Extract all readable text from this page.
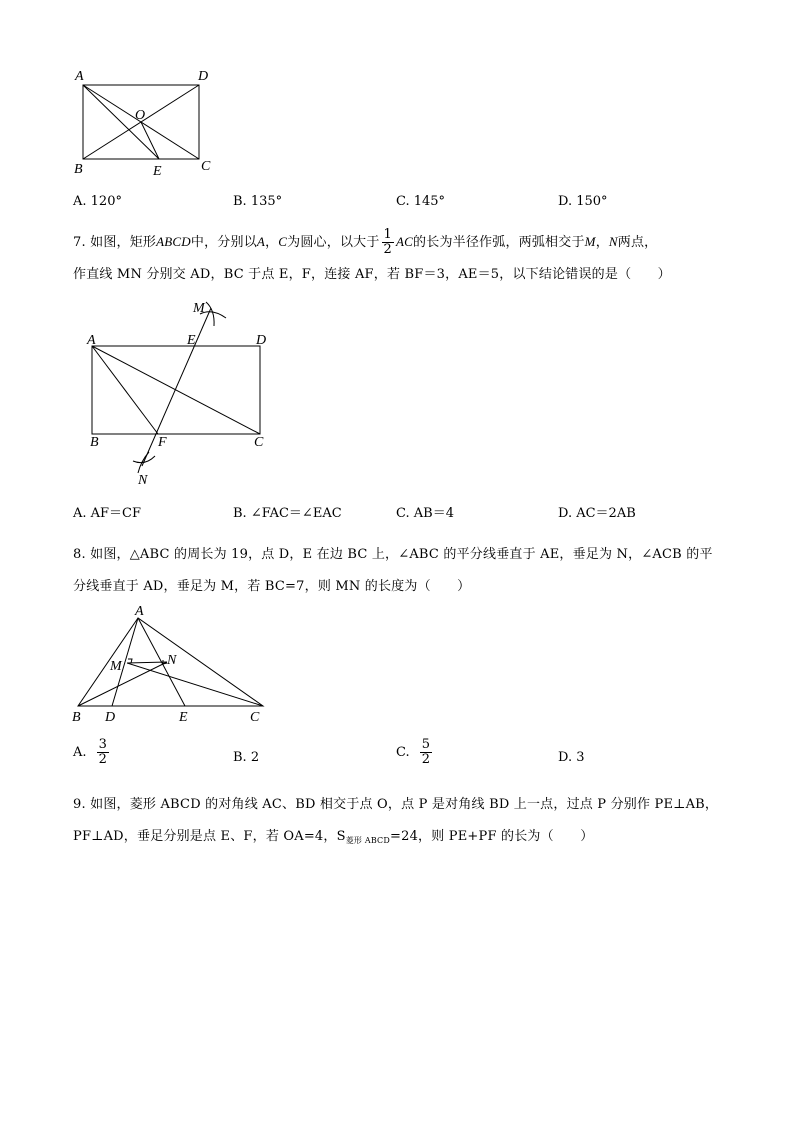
A	D
O
B	E	C
A. 120°	B. 135°	C. 145°	D. 150°
7. 如图，矩形ABCD中，分别以A，C为圆心，以大于 $\frac{1}{2}$ AC的长为半径作弧，两弧相交于M，N两点，
作直线 MN 分别交 AD，BC 于点 E，F，连接 AF，若 BF＝3，AE＝5，以下结论错误的是（　　）
M
A	E	D
B	F	C
N
A. AF＝CF	B. ∠FAC＝∠EAC	C. AB＝4	D. AC＝2AB
8. 如图，△ABC 的周长为 19，点 D，E 在边 BC 上，∠ABC 的平分线垂直于 AE，垂足为 N，∠ACB 的平
分线垂直于 AD，垂足为 M，若 BC=7，则 MN 的长度为（　　）
A
M	N
B D	E	C
A. $\frac{3}{2}$	B. 2	C. $\frac{5}{2}$	D. 3
9. 如图，菱形 ABCD 的对角线 AC、BD 相交于点 O，点 P 是对角线 BD 上一点，过点 P 分别作 PE⊥AB，
PF⊥AD，垂足分别是点 E、F，若 OA=4，$S_{菱形 ABCD}=24$，则 PE+PF 的长为（　　）
